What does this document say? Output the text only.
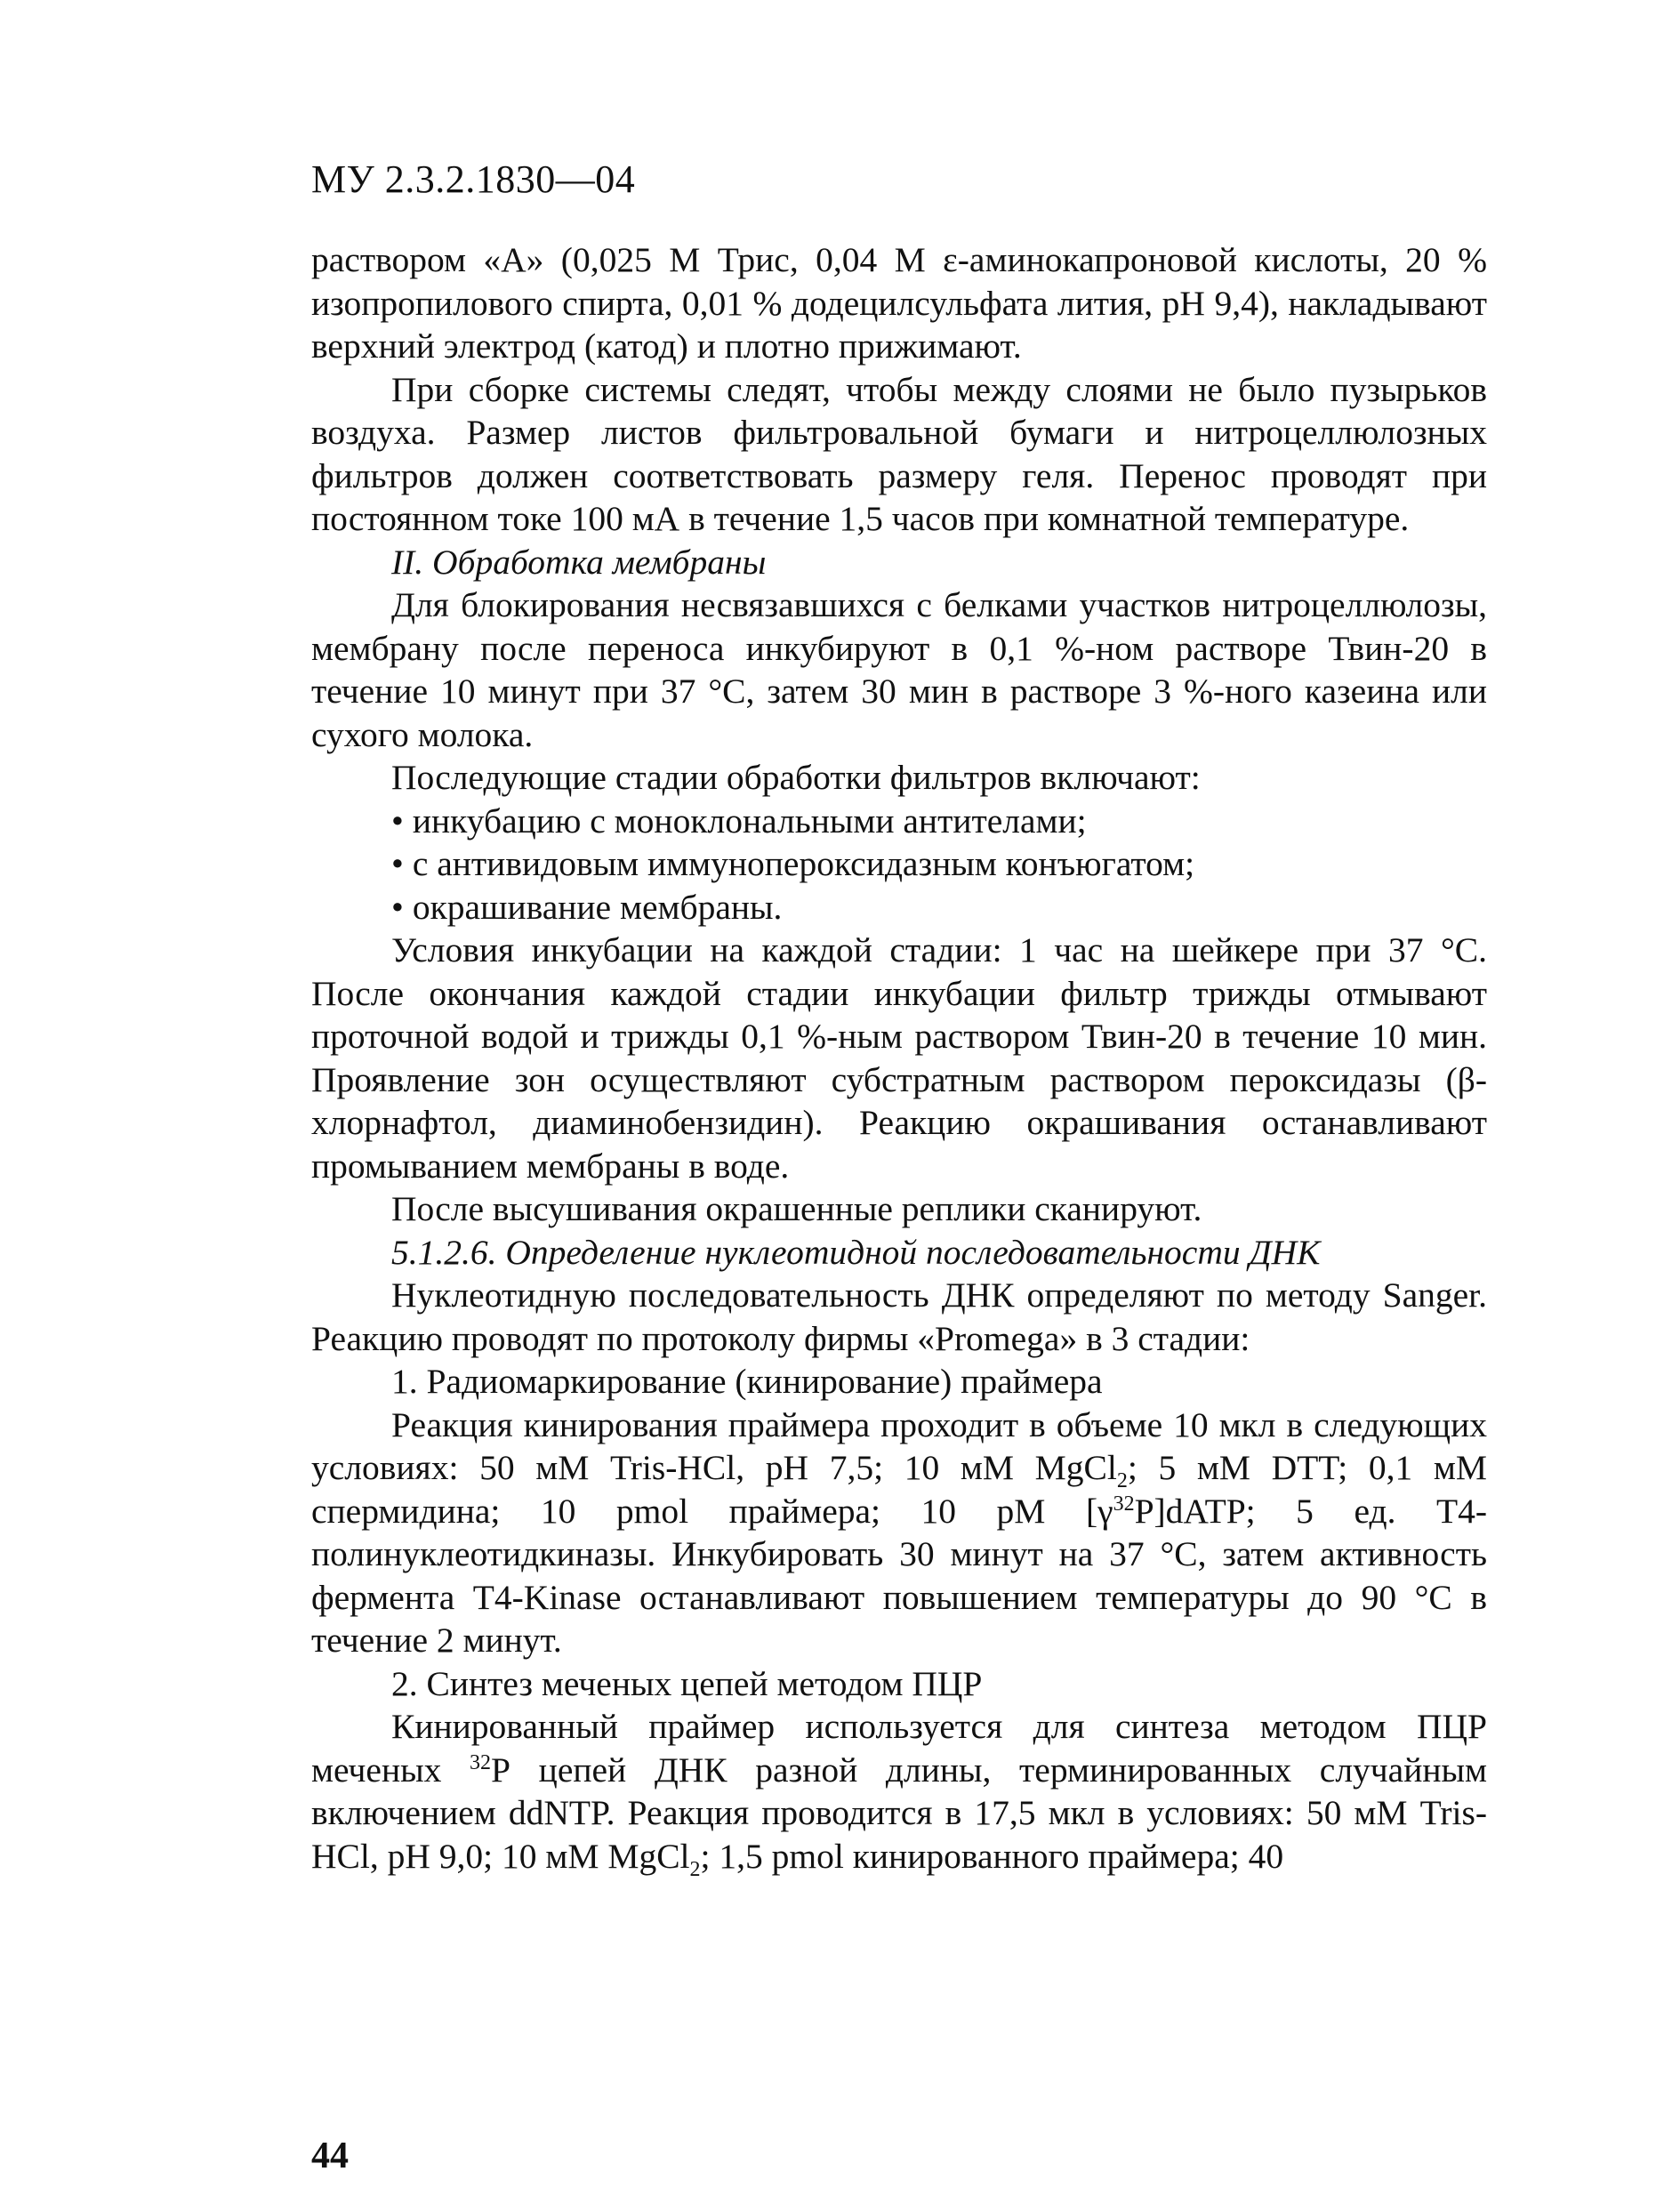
МУ 2.3.2.1830—04

раствором «А» (0,025 М Трис, 0,04 М ε-аминокапроновой кислоты, 20 % изопропилового спирта, 0,01 % додецилсульфата лития, рН 9,4), накладывают верхний электрод (катод) и плотно прижимают.

При сборке системы следят, чтобы между слоями не было пузырьков воздуха. Размер листов фильтровальной бумаги и нитроцеллюлозных фильтров должен соответствовать размеру геля. Перенос проводят при постоянном токе 100 мА в течение 1,5 часов при комнатной температуре.

II. Обработка мембраны

Для блокирования несвязавшихся с белками участков нитроцеллюлозы, мембрану после переноса инкубируют в 0,1 %-ном растворе Твин-20 в течение 10 минут при 37 °С, затем 30 мин в растворе 3 %-ного казеина или сухого молока.

Последующие стадии обработки фильтров включают:

• инкубацию с моноклональными антителами;

• с антивидовым иммунопероксидазным конъюгатом;

• окрашивание мембраны.

Условия инкубации на каждой стадии: 1 час на шейкере при 37 °С. После окончания каждой стадии инкубации фильтр трижды отмывают проточной водой и трижды 0,1 %-ным раствором Твин-20 в течение 10 мин. Проявление зон осуществляют субстратным раствором пероксидазы (β-хлорнафтол, диаминобензидин). Реакцию окрашивания останавливают промыванием мембраны в воде.

После высушивания окрашенные реплики сканируют.

5.1.2.6. Определение нуклеотидной последовательности ДНК

Нуклеотидную последовательность ДНК определяют по методу Sanger. Реакцию проводят по протоколу фирмы «Promega» в 3 стадии:

1. Радиомаркирование (кинирование) праймера

Реакция кинирования праймера проходит в объеме 10 мкл в следующих условиях: 50 мМ Tris-HCl, рН 7,5; 10 мМ MgCl$_2$; 5 мМ DTT; 0,1 мМ спермидина; 10 pmol праймера; 10 pM $[\gamma^{32}P]dATP$; 5 ед. Т4-полинуклеотидкиназы. Инкубировать 30 минут на 37 °С, затем активность фермента T4-Kinase останавливают повышением температуры до 90 °С в течение 2 минут.

2. Синтез меченых цепей методом ПЦР

Кинированный праймер используется для синтеза методом ПЦР меченых $^{32}$Р цепей ДНК разной длины, терминированных случайным включением ddNTP. Реакция проводится в 17,5 мкл в условиях: 50 мМ Tris-HCl, рН 9,0; 10 мМ MgCl$_2$; 1,5 pmol кинированного праймера; 40

44
